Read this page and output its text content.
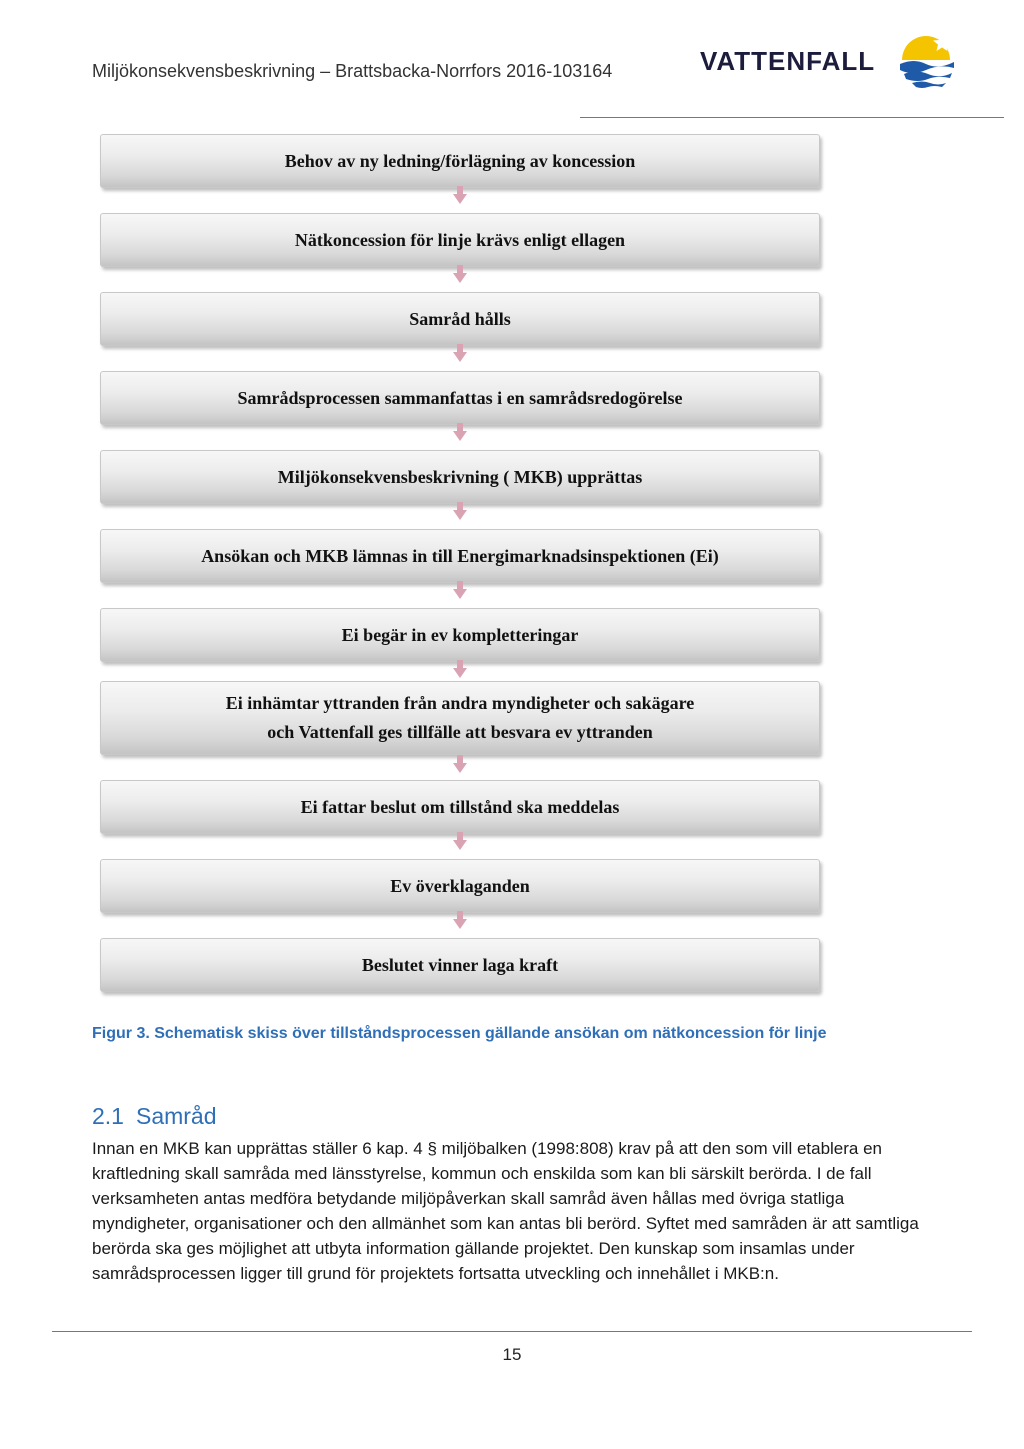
Miljökonsekvensbeskrivning – Brattsbacka-Norrfors 2016-103164	VATTENFALL
Behov av ny ledning/förlägning av koncession
Nätkoncession för linje krävs enligt ellagen
Samråd hålls
Samrådsprocessen sammanfattas i en samrådsredogörelse
Miljökonsekvensbeskrivning ( MKB) upprättas
Ansökan och MKB lämnas in till Energimarknadsinspektionen (Ei)
Ei begär in ev kompletteringar
Ei inhämtar yttranden från andra myndigheter och sakägare
och Vattenfall ges tillfälle att besvara ev yttranden
Ei fattar beslut om tillstånd ska meddelas
Ev överklaganden
Beslutet vinner laga kraft
Figur 3. Schematisk skiss över tillståndsprocessen gällande ansökan om nätkoncession för linje
2.1 Samråd
Innan en MKB kan upprättas ställer 6 kap. 4 § miljöbalken (1998:808) krav på att den som vill etablera en kraftledning skall samråda med länsstyrelse, kommun och enskilda som kan bli särskilt berörda. I de fall verksamheten antas medföra betydande miljöpåverkan skall samråd även hållas med övriga statliga myndigheter, organisationer och den allmänhet som kan antas bli berörd. Syftet med samråden är att samtliga berörda ska ges möjlighet att utbyta information gällande projektet. Den kunskap som insamlas under samrådsprocessen ligger till grund för projektets fortsatta utveckling och innehållet i MKB:n.
15
